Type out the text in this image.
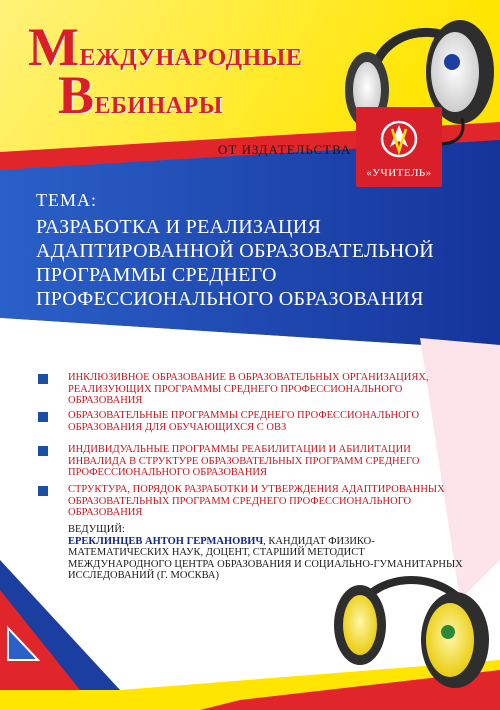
МЕЖДУНАРОДНЫЕ
ВЕБИНАРЫ
ОТ ИЗДАТЕЛЬСТВА
«УЧИТЕЛЬ»
ТЕМА:
РАЗРАБОТКА И РЕАЛИЗАЦИЯ АДАПТИРОВАННОЙ ОБРАЗОВАТЕЛЬНОЙ ПРОГРАММЫ СРЕДНЕГО ПРОФЕССИОНАЛЬНОГО ОБРАЗОВАНИЯ
ИНКЛЮЗИВНОЕ ОБРАЗОВАНИЕ В ОБРАЗОВАТЕЛЬНЫХ ОРГАНИЗАЦИЯХ, РЕАЛИЗУЮЩИХ ПРОГРАММЫ СРЕДНЕГО ПРОФЕССИОНАЛЬНОГО ОБРАЗОВАНИЯ
ОБРАЗОВАТЕЛЬНЫЕ ПРОГРАММЫ СРЕДНЕГО ПРОФЕССИОНАЛЬНОГО ОБРАЗОВАНИЯ ДЛЯ ОБУЧАЮЩИХСЯ С ОВЗ
ИНДИВИДУАЛЬНЫЕ ПРОГРАММЫ РЕАБИЛИТАЦИИ И АБИЛИТАЦИИ ИНВАЛИДА В СТРУКТУРЕ ОБРАЗОВАТЕЛЬНЫХ ПРОГРАММ СРЕДНЕГО ПРОФЕССИОНАЛЬНОГО ОБРАЗОВАНИЯ
СТРУКТУРА, ПОРЯДОК РАЗРАБОТКИ И УТВЕРЖДЕНИЯ АДАПТИРОВАННЫХ ОБРАЗОВАТЕЛЬНЫХ ПРОГРАММ СРЕДНЕГО ПРОФЕССИОНАЛЬНОГО ОБРАЗОВАНИЯ
ВЕДУЩИЙ:
ЕРЕКЛИНЦЕВ АНТОН ГЕРМАНОВИЧ, КАНДИДАТ ФИЗИКО-МАТЕМАТИЧЕСКИХ НАУК, ДОЦЕНТ, СТАРШИЙ МЕТОДИСТ МЕЖДУНАРОДНОГО ЦЕНТРА ОБРАЗОВАНИЯ И СОЦИАЛЬНО-ГУМАНИТАРНЫХ ИССЛЕДОВАНИЙ (Г. МОСКВА)
